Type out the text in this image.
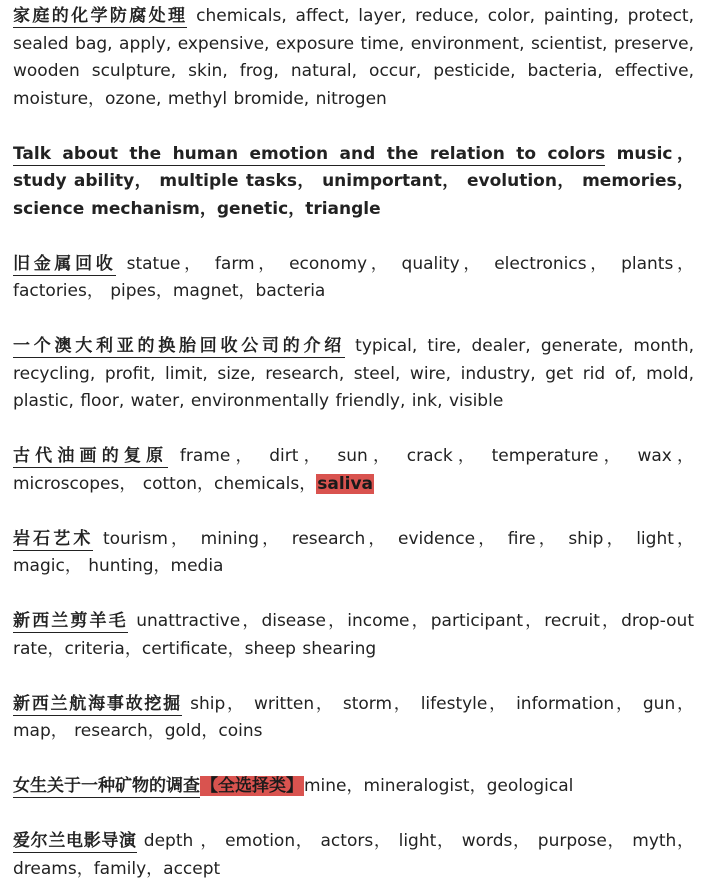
家庭的化学防腐处理 chemicals, affect, layer, reduce, color, painting, protect, sealed bag, apply, expensive, exposure time, environment, scientist, preserve, wooden sculpture, skin, frog, natural, occur, pesticide, bacteria, effective, moisture，ozone, methyl bromide, nitrogen

Talk about the human emotion and the relation to colors music， study ability， multiple tasks， unimportant， evolution， memories， science mechanism，genetic，triangle

旧金属回收 statue， farm， economy， quality， electronics， plants， factories， pipes，magnet，bacteria

一个澳大利亚的换胎回收公司的介绍 typical, tire, dealer, generate, month, recycling, profit, limit, size, research, steel, wire, industry, get rid of, mold, plastic, floor, water, environmentally friendly, ink, visible

古代油画的复原 frame， dirt， sun， crack， temperature， wax， microscopes， cotton，chemicals，saliva

岩石艺术 tourism， mining， research， evidence， fire， ship， light， magic， hunting，media

新西兰剪羊毛 unattractive，disease，income，participant，recruit，drop-out rate，criteria，certificate，sheep shearing

新西兰航海事故挖掘 ship， written， storm， lifestyle， information， gun， map， research，gold，coins

女生关于一种矿物的调查【全选择类】mine，mineralogist，geological

爱尔兰电影导演 depth ， emotion， actors， light， words， purpose， myth， dreams，family，accept
